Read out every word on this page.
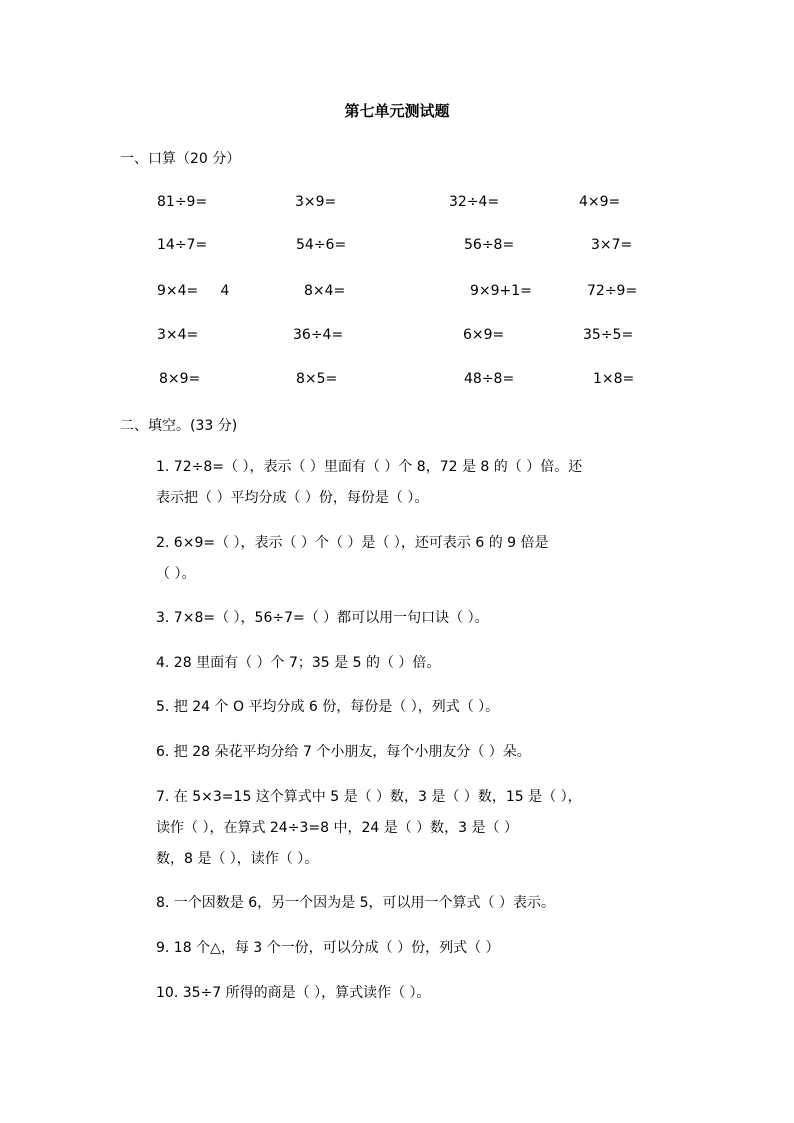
第七单元测试题
一、口算（20 分）
81÷9=	3×9=	32÷4=	4×9=
14÷7=	54÷6=	56÷8=	3×7=
9×4=     4	8×4=	9×9+1=	72÷9=
3×4=	36÷4=	6×9=	35÷5=
8×9=	8×5=	48÷8=	1×8=
二、填空。(33 分)
1. 72÷8=（ ），表示（ ）里面有（ ）个 8，72 是 8 的（ ）倍。还
表示把（ ）平均分成（ ）份，每份是（ ）。
2. 6×9=（ ），表示（ ）个（ ）是（ ），还可表示 6 的 9 倍是
（ ）。
3. 7×8=（ ），56÷7=（ ）都可以用一句口诀（ ）。
4. 28 里面有（ ）个 7；35 是 5 的（ ）倍。
5. 把 24 个 O 平均分成 6 份，每份是（ ），列式（ ）。
6. 把 28 朵花平均分给 7 个小朋友，每个小朋友分（ ）朵。
7. 在 5×3=15 这个算式中 5 是（ ）数，3 是（ ）数，15 是（ ），
读作（ ），在算式 24÷3=8 中，24 是（ ）数，3 是（ ）
数，8 是（ ），读作（ ）。
8. 一个因数是 6，另一个因为是 5，可以用一个算式（ ）表示。
9. 18 个△，每 3 个一份，可以分成（ ）份，列式（ ）
10. 35÷7 所得的商是（ ），算式读作（ ）。
